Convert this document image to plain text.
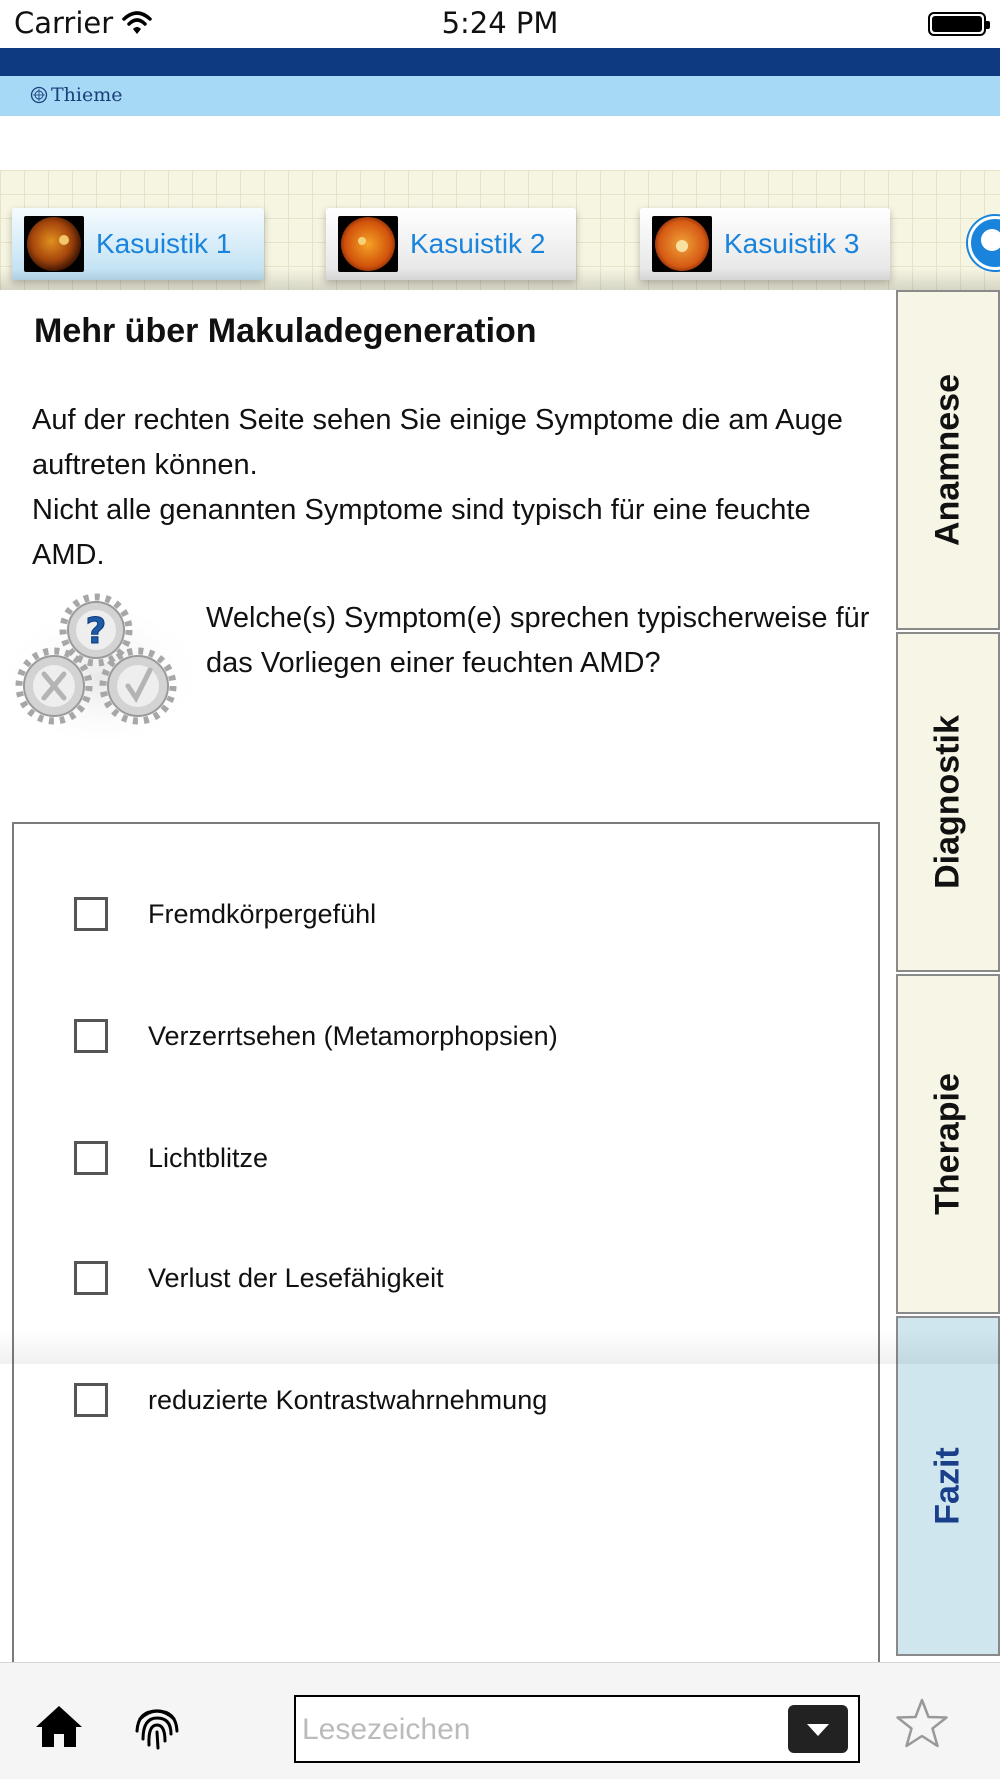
Carrier	5:24 PM
Thieme
Kasuistik 1	Kasuistik 2	Kasuistik 3
Anamnese
Diagnostik
Therapie
Fazit
Mehr über Makuladegeneration

Auf der rechten Seite sehen Sie einige Symptome die am Auge auftreten können.

Nicht alle genannten Symptome sind typisch für eine feuchte AMD.

?	Welche(s) Symptom(e) sprechen typischerweise für das Vorliegen einer feuchten AMD?
Fremdkörpergefühl
Verzerrtsehen (Metamorphopsien)
Lichtblitze
Verlust der Lesefähigkeit
reduzierte Kontrastwahrnehmung
Lesezeichen
